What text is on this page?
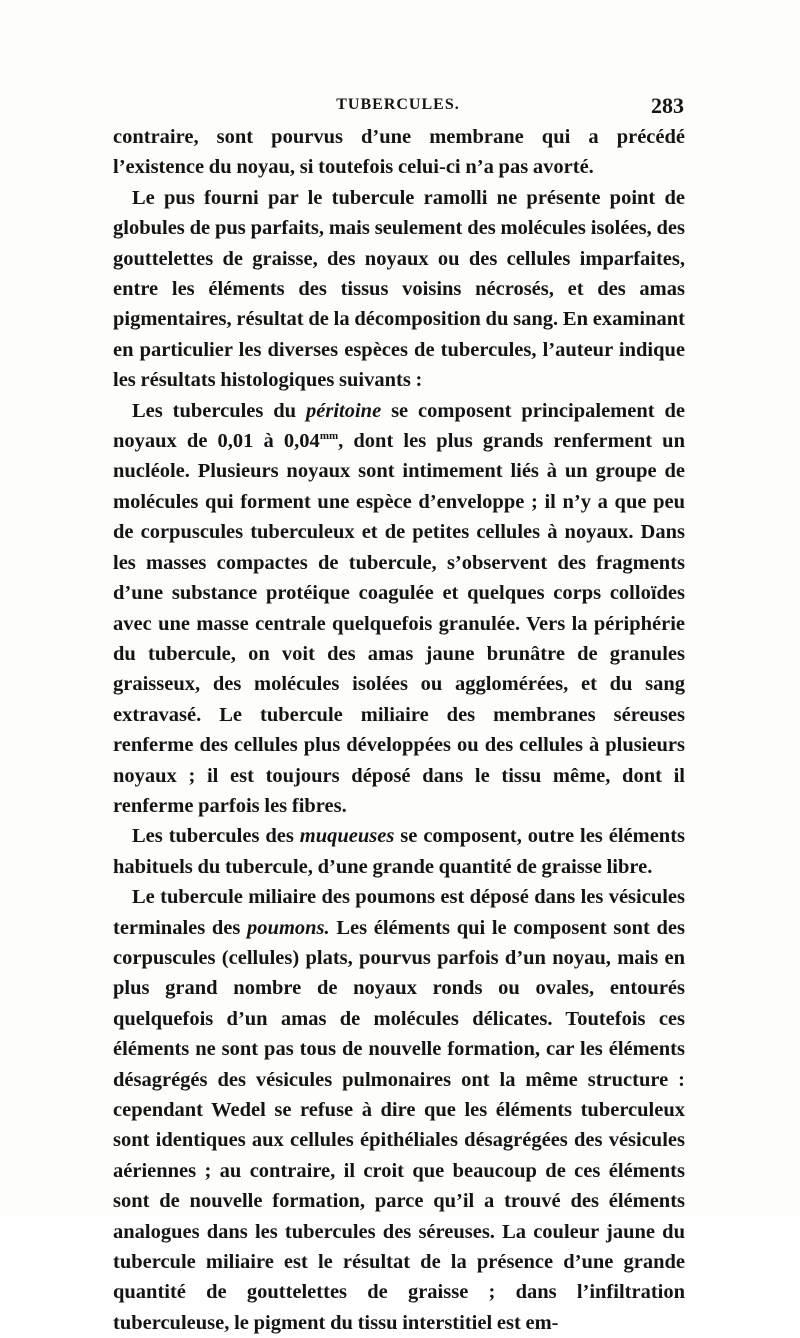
TUBERCULES.	283

contraire, sont pourvus d’une membrane qui a précédé l’existence du noyau, si toutefois celui-ci n’a pas avorté.

Le pus fourni par le tubercule ramolli ne présente point de globules de pus parfaits, mais seulement des molécules isolées, des gouttelettes de graisse, des noyaux ou des cellules imparfaites, entre les éléments des tissus voisins nécrosés, et des amas pigmentaires, résultat de la décomposition du sang. En examinant en particulier les diverses espèces de tubercules, l’auteur indique les résultats histologiques suivants :

Les tubercules du péritoine se composent principalement de noyaux de 0,01 à $0,04^{mm}$, dont les plus grands renferment un nucléole. Plusieurs noyaux sont intimement liés à un groupe de molécules qui forment une espèce d’enveloppe ; il n’y a que peu de corpuscules tuberculeux et de petites cellules à noyaux. Dans les masses compactes de tubercule, s’observent des fragments d’une substance protéique coagulée et quelques corps colloïdes avec une masse centrale quelquefois granulée. Vers la périphérie du tubercule, on voit des amas jaune brunâtre de granules graisseux, des molécules isolées ou agglomérées, et du sang extravasé. Le tubercule miliaire des membranes séreuses renferme des cellules plus développées ou des cellules à plusieurs noyaux ; il est toujours déposé dans le tissu même, dont il renferme parfois les fibres.

Les tubercules des muqueuses se composent, outre les éléments habituels du tubercule, d’une grande quantité de graisse libre.

Le tubercule miliaire des poumons est déposé dans les vésicules terminales des poumons. Les éléments qui le composent sont des corpuscules (cellules) plats, pourvus parfois d’un noyau, mais en plus grand nombre de noyaux ronds ou ovales, entourés quelquefois d’un amas de molécules délicates. Toutefois ces éléments ne sont pas tous de nouvelle formation, car les éléments désagrégés des vésicules pulmonaires ont la même structure : cependant Wedel se refuse à dire que les éléments tuberculeux sont identiques aux cellules épithéliales désagrégées des vésicules aériennes ; au contraire, il croit que beaucoup de ces éléments sont de nouvelle formation, parce qu’il a trouvé des éléments analogues dans les tubercules des séreuses. La couleur jaune du tubercule miliaire est le résultat de la présence d’une grande quantité de gouttelettes de graisse ; dans l’infiltration tuberculeuse, le pigment du tissu interstitiel est em-
